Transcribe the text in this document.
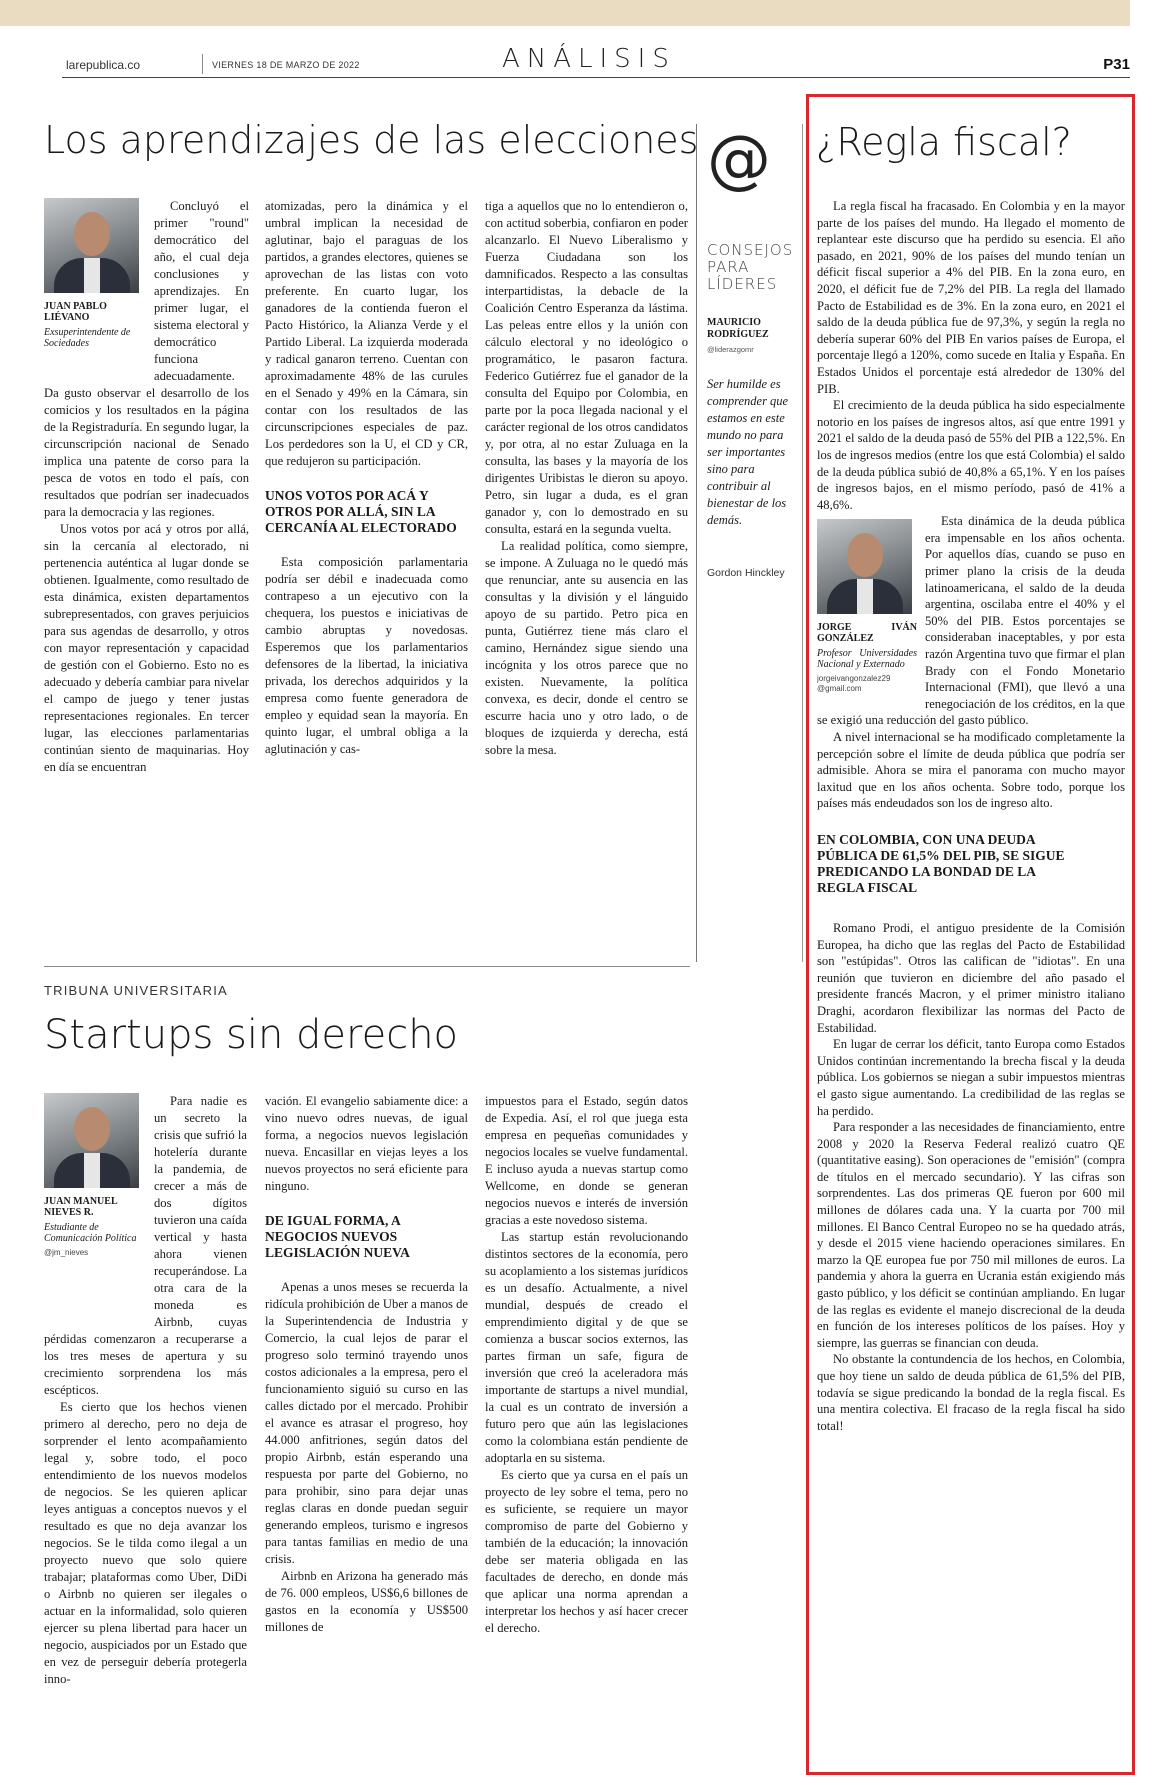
larepublica.co	VIERNES 18 DE MARZO DE 2022	ANÁLISIS	P31
Los aprendizajes de las elecciones
JUAN PABLO LIÉVANO
Exsuperintendente de Sociedades

Concluyó el primer "round" democrático del año, el cual deja conclusiones y aprendizajes. En primer lugar, el sistema electoral y democrático funciona adecuadamente. Da gusto observar el desarrollo de los comicios y los resultados en la página de la Registraduría. En segundo lugar, la circunscripción nacional de Senado implica una patente de corso para la pesca de votos en todo el país, con resultados que podrían ser inadecuados para la democracia y las regiones.

Unos votos por acá y otros por allá, sin la cercanía al electorado, ni pertenencia auténtica al lugar donde se obtienen. Igualmente, como resultado de esta dinámica, existen departamentos subrepresentados, con graves perjuicios para sus agendas de desarrollo, y otros con mayor representación y capacidad de gestión con el Gobierno. Esto no es adecuado y debería cambiar para nivelar el campo de juego y tener justas representaciones regionales. En tercer lugar, las elecciones parlamentarias continúan siento de maquinarias. Hoy en día se encuentran

atomizadas, pero la dinámica y el umbral implican la necesidad de aglutinar, bajo el paraguas de los partidos, a grandes electores, quienes se aprovechan de las listas con voto preferente. En cuarto lugar, los ganadores de la contienda fueron el Pacto Histórico, la Alianza Verde y el Partido Liberal. La izquierda moderada y radical ganaron terreno. Cuentan con aproximadamente 48% de las curules en el Senado y 49% en la Cámara, sin contar con los resultados de las circunscripciones especiales de paz. Los perdedores son la U, el CD y CR, que redujeron su participación.

UNOS VOTOS POR ACÁ Y OTROS POR ALLÁ, SIN LA CERCANÍA AL ELECTORADO

Esta composición parlamentaria podría ser débil e inadecuada como contrapeso a un ejecutivo con la chequera, los puestos e iniciativas de cambio abruptas y novedosas. Esperemos que los parlamentarios defensores de la libertad, la iniciativa privada, los derechos adquiridos y la empresa como fuente generadora de empleo y equidad sean la mayoría. En quinto lugar, el umbral obliga a la aglutinación y cas-

tiga a aquellos que no lo entendieron o, con actitud soberbia, confiaron en poder alcanzarlo. El Nuevo Liberalismo y Fuerza Ciudadana son los damnificados. Respecto a las consultas interpartidistas, la debacle de la Coalición Centro Esperanza da lástima. Las peleas entre ellos y la unión con cálculo electoral y no ideológico o programático, le pasaron factura. Federico Gutiérrez fue el ganador de la consulta del Equipo por Colombia, en parte por la poca llegada nacional y el carácter regional de los otros candidatos y, por otra, al no estar Zuluaga en la consulta, las bases y la mayoría de los dirigentes Uribistas le dieron su apoyo. Petro, sin lugar a duda, es el gran ganador y, con lo demostrado en su consulta, estará en la segunda vuelta.

La realidad política, como siempre, se impone. A Zuluaga no le quedó más que renunciar, ante su ausencia en las consultas y la división y el lánguido apoyo de su partido. Petro pica en punta, Gutiérrez tiene más claro el camino, Hernández sigue siendo una incógnita y los otros parece que no existen. Nuevamente, la política convexa, es decir, donde el centro se escurre hacia uno y otro lado, o de bloques de izquierda y derecha, está sobre la mesa.

@
CONSEJOS PARA LÍDERES
MAURICIO RODRÍGUEZ
@liderazgomr
Ser humilde es comprender que estamos en este mundo no para ser importantes sino para contribuir al bienestar de los demás.
Gordon Hinckley
TRIBUNA UNIVERSITARIA
Startups sin derecho
JUAN MANUEL NIEVES R.
Estudiante de Comunicación Política
@jm_nieves

Para nadie es un secreto la crisis que sufrió la hotelería durante la pandemia, de crecer a más de dos dígitos tuvieron una caída vertical y hasta ahora vienen recuperándose. La otra cara de la moneda es Airbnb, cuyas pérdidas comenzaron a recuperarse a los tres meses de apertura y su crecimiento sorprendena los más escépticos.

Es cierto que los hechos vienen primero al derecho, pero no deja de sorprender el lento acompañamiento legal y, sobre todo, el poco entendimiento de los nuevos modelos de negocios. Se les quieren aplicar leyes antiguas a conceptos nuevos y el resultado es que no deja avanzar los negocios. Se le tilda como ilegal a un proyecto nuevo que solo quiere trabajar; plataformas como Uber, DiDi o Airbnb no quieren ser ilegales o actuar en la informalidad, solo quieren ejercer su plena libertad para hacer un negocio, auspiciados por un Estado que en vez de perseguir debería protegerla inno-

vación. El evangelio sabiamente dice: a vino nuevo odres nuevas, de igual forma, a negocios nuevos legislación nueva. Encasillar en viejas leyes a los nuevos proyectos no será eficiente para ninguno.

DE IGUAL FORMA, A NEGOCIOS NUEVOS LEGISLACIÓN NUEVA

Apenas a unos meses se recuerda la ridícula prohibición de Uber a manos de la Superintendencia de Industria y Comercio, la cual lejos de parar el progreso solo terminó trayendo unos costos adicionales a la empresa, pero el funcionamiento siguió su curso en las calles dictado por el mercado. Prohibir el avance es atrasar el progreso, hoy 44.000 anfitriones, según datos del propio Airbnb, están esperando una respuesta por parte del Gobierno, no para prohibir, sino para dejar unas reglas claras en donde puedan seguir generando empleos, turismo e ingresos para tantas familias en medio de una crisis.

Airbnb en Arizona ha generado más de 76. 000 empleos, US$6,6 billones de gastos en la economía y US$500 millones de

impuestos para el Estado, según datos de Expedia. Así, el rol que juega esta empresa en pequeñas comunidades y negocios locales se vuelve fundamental. E incluso ayuda a nuevas startup como Wellcome, en donde se generan negocios nuevos e interés de inversión gracias a este novedoso sistema.

Las startup están revolucionando distintos sectores de la economía, pero su acoplamiento a los sistemas jurídicos es un desafío. Actualmente, a nivel mundial, después de creado el emprendimiento digital y de que se comienza a buscar socios externos, las partes firman un safe, figura de inversión que creó la aceleradora más importante de startups a nivel mundial, la cual es un contrato de inversión a futuro pero que aún las legislaciones como la colombiana están pendiente de adoptarla en su sistema.

Es cierto que ya cursa en el país un proyecto de ley sobre el tema, pero no es suficiente, se requiere un mayor compromiso de parte del Gobierno y también de la educación; la innovación debe ser materia obligada en las facultades de derecho, en donde más que aplicar una norma aprendan a interpretar los hechos y así hacer crecer el derecho.

¿Regla fiscal?

La regla fiscal ha fracasado. En Colombia y en la mayor parte de los países del mundo. Ha llegado el momento de replantear este discurso que ha perdido su esencia. El año pasado, en 2021, 90% de los países del mundo tenían un déficit fiscal superior a 4% del PIB. En la zona euro, en 2020, el déficit fue de 7,2% del PIB. La regla del llamado Pacto de Estabilidad es de 3%. En la zona euro, en 2021 el saldo de la deuda pública fue de 97,3%, y según la regla no debería superar 60% del PIB En varios países de Europa, el porcentaje llegó a 120%, como sucede en Italia y España. En Estados Unidos el porcentaje está alrededor de 130% del PIB.

El crecimiento de la deuda pública ha sido especialmente notorio en los países de ingresos altos, así que entre 1991 y 2021 el saldo de la deuda pasó de 55% del PIB a 122,5%. En los de ingresos medios (entre los que está Colombia) el saldo de la deuda pública subió de 40,8% a 65,1%. Y en los países de ingresos bajos, en el mismo período, pasó de 41% a 48,6%.

JORGE IVÁN GONZÁLEZ
Profesor Universidades Nacional y Externado
jorgeivangonzalez29 @gmail.com

Esta dinámica de la deuda pública era impensable en los años ochenta. Por aquellos días, cuando se puso en primer plano la crisis de la deuda latinoamericana, el saldo de la deuda argentina, oscilaba entre el 40% y el 50% del PIB. Estos porcentajes se consideraban inaceptables, y por esta razón Argentina tuvo que firmar el plan Brady con el Fondo Monetario Internacional (FMI), que llevó a una renegociación de los créditos, en la que se exigió una reducción del gasto público.

A nivel internacional se ha modificado completamente la percepción sobre el límite de deuda pública que podría ser admisible. Ahora se mira el panorama con mucho mayor laxitud que en los años ochenta. Sobre todo, porque los países más endeudados son los de ingreso alto.

EN COLOMBIA, CON UNA DEUDA PÚBLICA DE 61,5% DEL PIB, SE SIGUE PREDICANDO LA BONDAD DE LA REGLA FISCAL

Romano Prodi, el antiguo presidente de la Comisión Europea, ha dicho que las reglas del Pacto de Estabilidad son "estúpidas". Otros las califican de "idiotas". En una reunión que tuvieron en diciembre del año pasado el presidente francés Macron, y el primer ministro italiano Draghi, acordaron flexibilizar las normas del Pacto de Estabilidad.

En lugar de cerrar los déficit, tanto Europa como Estados Unidos continúan incrementando la brecha fiscal y la deuda pública. Los gobiernos se niegan a subir impuestos mientras el gasto sigue aumentando. La credibilidad de las reglas se ha perdido.

Para responder a las necesidades de financiamiento, entre 2008 y 2020 la Reserva Federal realizó cuatro QE (quantitative easing). Son operaciones de "emisión" (compra de títulos en el mercado secundario). Y las cifras son sorprendentes. Las dos primeras QE fueron por 600 mil millones de dólares cada una. Y la cuarta por 700 mil millones. El Banco Central Europeo no se ha quedado atrás, y desde el 2015 viene haciendo operaciones similares. En marzo la QE europea fue por 750 mil millones de euros. La pandemia y ahora la guerra en Ucrania están exigiendo más gasto público, y los déficit se continúan ampliando. En lugar de las reglas es evidente el manejo discrecional de la deuda en función de los intereses políticos de los países. Hoy y siempre, las guerras se financian con deuda.

No obstante la contundencia de los hechos, en Colombia, que hoy tiene un saldo de deuda pública de 61,5% del PIB, todavía se sigue predicando la bondad de la regla fiscal. Es una mentira colectiva. El fracaso de la regla fiscal ha sido total!
